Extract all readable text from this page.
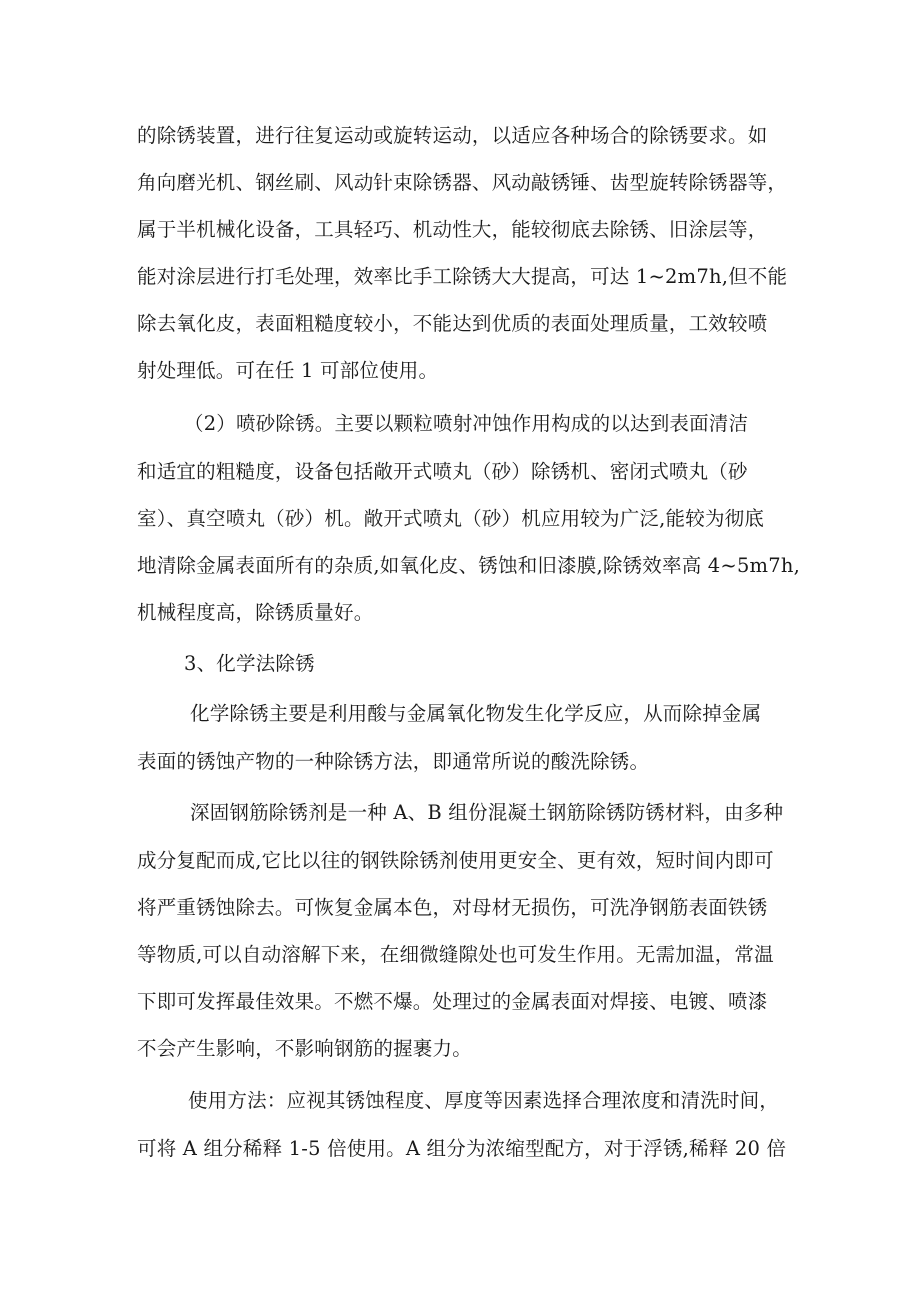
的除锈装置，进行往复运动或旋转运动，以适应各种场合的除锈要求。如
角向磨光机、钢丝刷、风动针束除锈器、风动敲锈锤、齿型旋转除锈器等，
属于半机械化设备，工具轻巧、机动性大，能较彻底去除锈、旧涂层等，
能对涂层进行打毛处理，效率比手工除锈大大提高，可达 1~2m7h,但不能
除去氧化皮，表面粗糙度较小，不能达到优质的表面处理质量，工效较喷
射处理低。可在任 1 可部位使用。
（2）喷砂除锈。主要以颗粒喷射冲蚀作用构成的以达到表面清洁
和适宜的粗糙度，设备包括敞开式喷丸（砂）除锈机、密闭式喷丸（砂
室）、真空喷丸（砂）机。敞开式喷丸（砂）机应用较为广泛,能较为彻底
地清除金属表面所有的杂质,如氧化皮、锈蚀和旧漆膜,除锈效率高 4~5m7h,
机械程度高，除锈质量好。
3、化学法除锈
化学除锈主要是利用酸与金属氧化物发生化学反应，从而除掉金属
表面的锈蚀产物的一种除锈方法，即通常所说的酸洗除锈。
深固钢筋除锈剂是一种 A、B 组份混凝土钢筋除锈防锈材料，由多种
成分复配而成,它比以往的钢铁除锈剂使用更安全、更有效，短时间内即可
将严重锈蚀除去。可恢复金属本色，对母材无损伤，可洗净钢筋表面铁锈
等物质,可以自动溶解下来，在细微缝隙处也可发生作用。无需加温，常温
下即可发挥最佳效果。不燃不爆。处理过的金属表面对焊接、电镀、喷漆
不会产生影响，不影响钢筋的握裹力。
使用方法：应视其锈蚀程度、厚度等因素选择合理浓度和清洗时间，
可将 A 组分稀释 1-5 倍使用。A 组分为浓缩型配方，对于浮锈,稀释 20 倍
